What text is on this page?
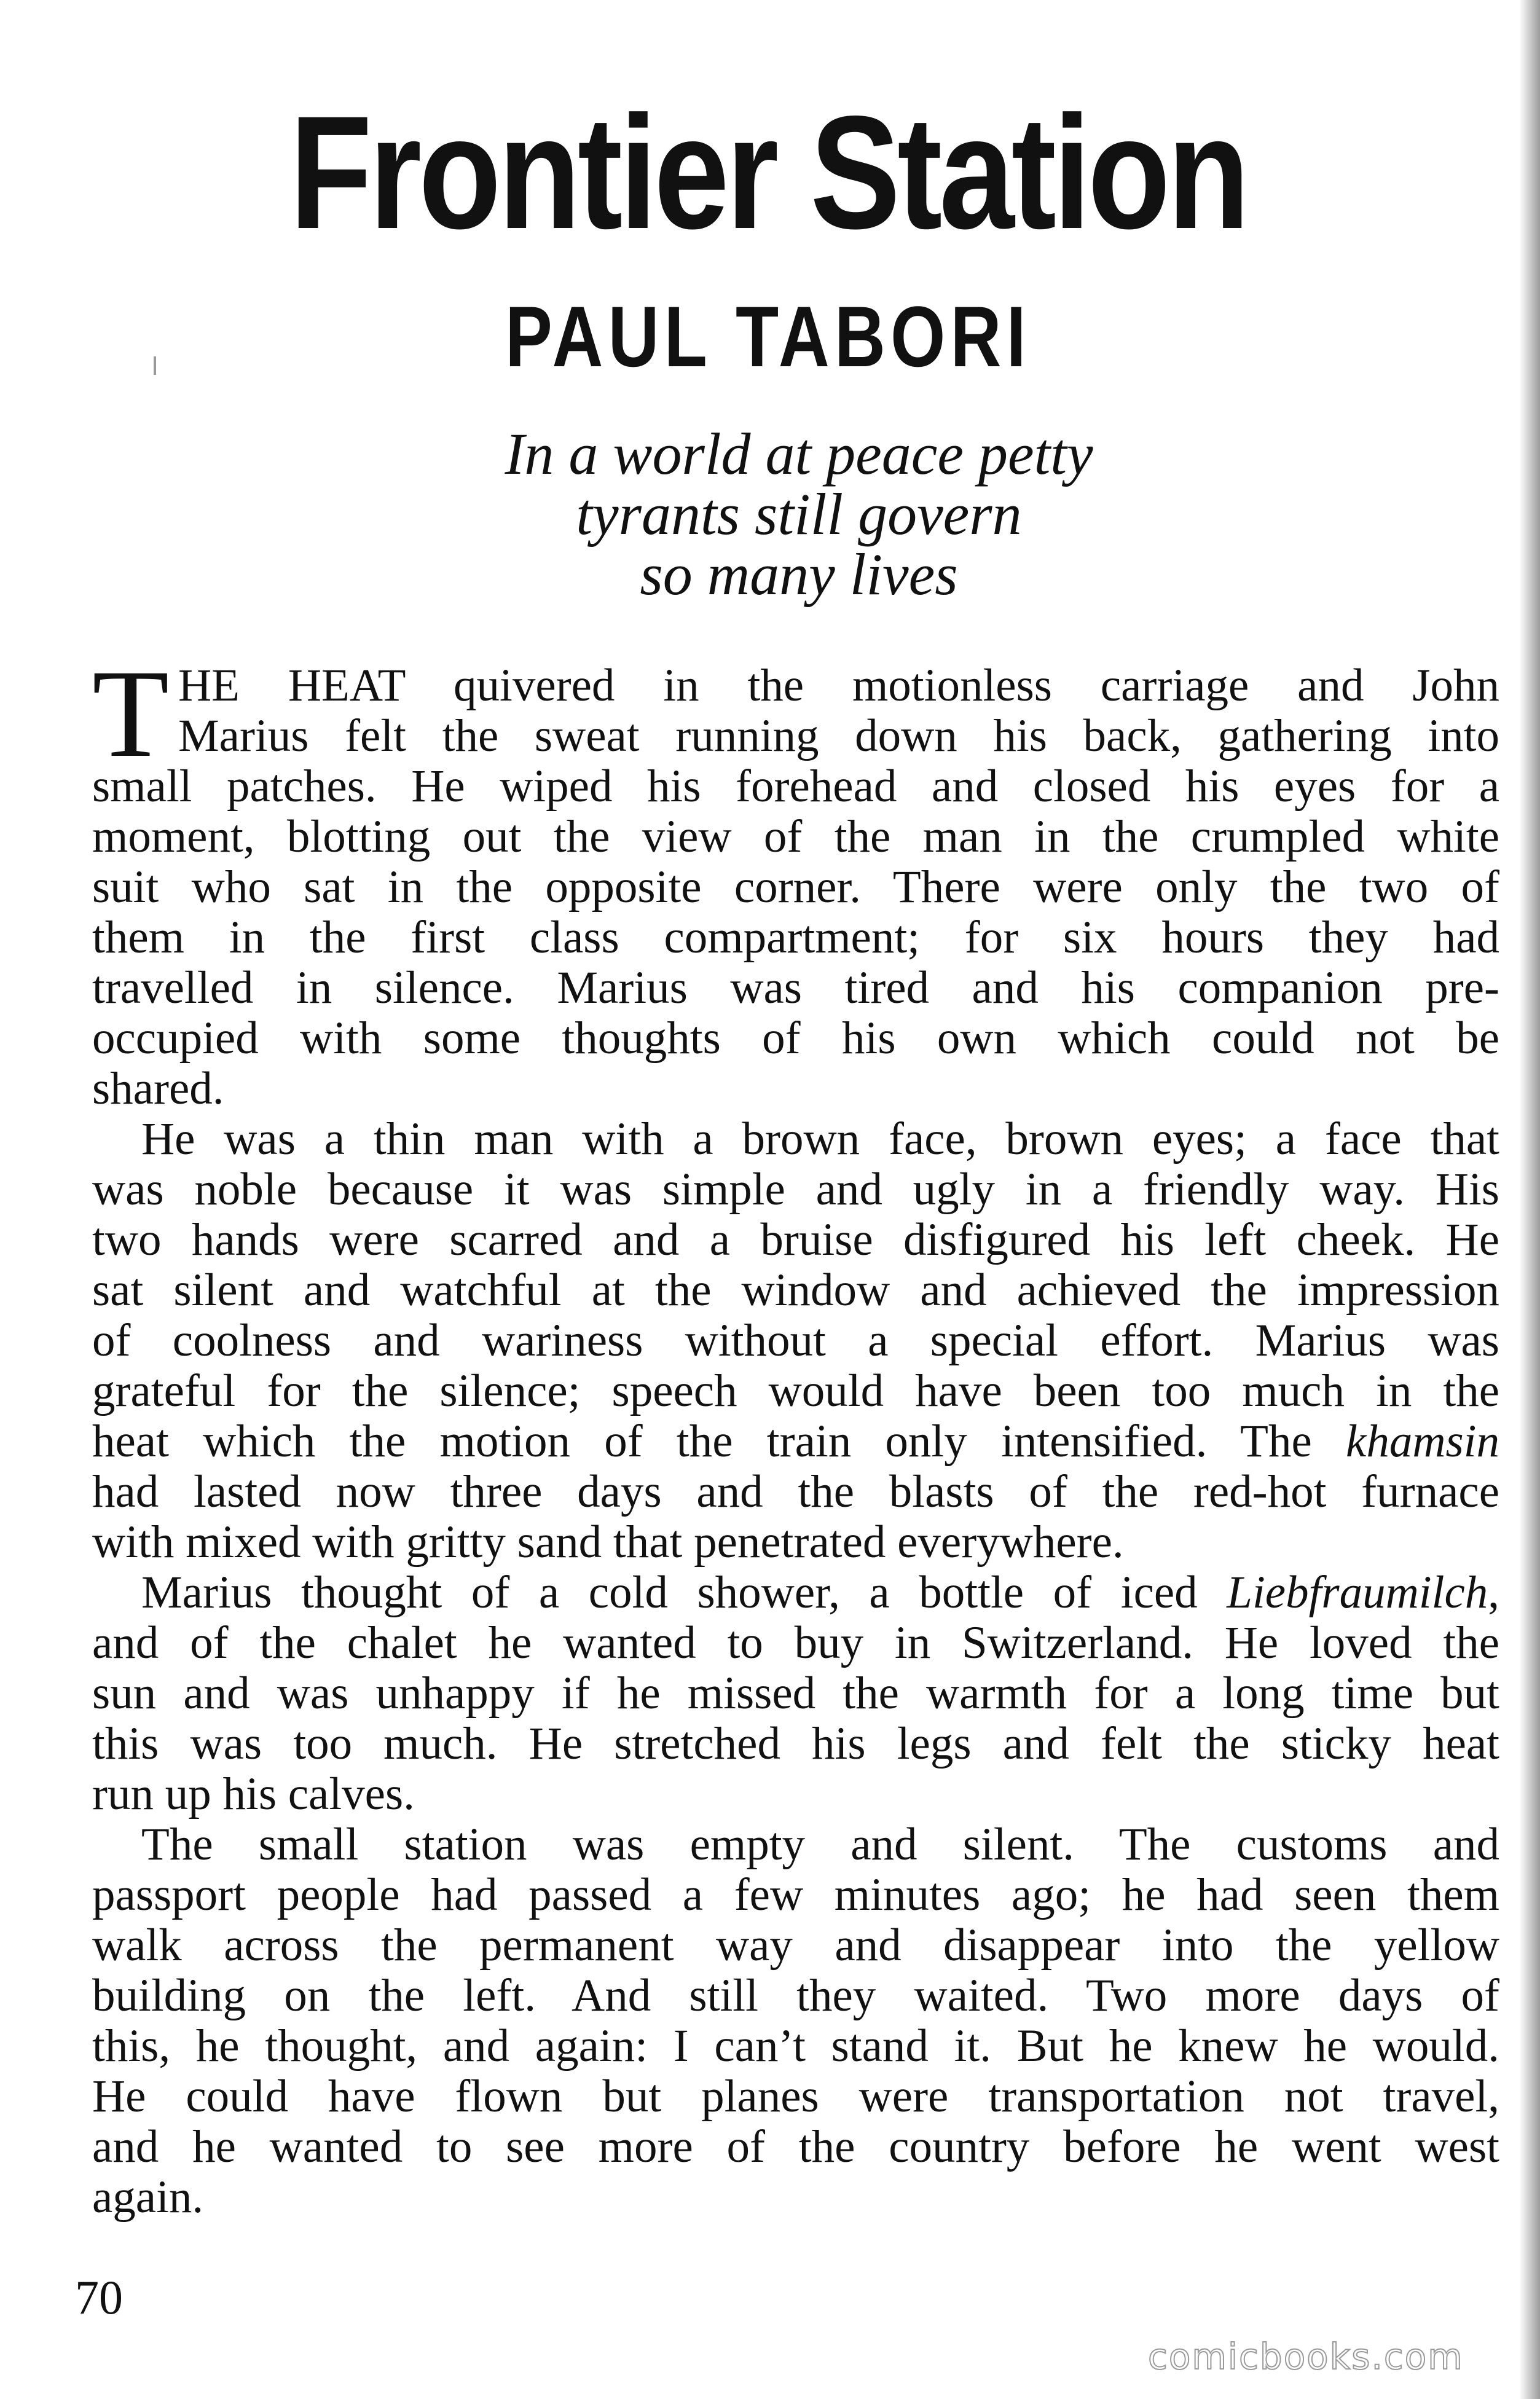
Frontier Station
PAUL TABORI
In a world at peace petty
tyrants still govern
so many lives
T HE HEAT quivered in the motionless carriage and John
Marius felt the sweat running down his back, gathering into
small patches. He wiped his forehead and closed his eyes for a
moment, blotting out the view of the man in the crumpled white
suit who sat in the opposite corner. There were only the two of
them in the first class compartment; for six hours they had
travelled in silence. Marius was tired and his companion pre-
occupied with some thoughts of his own which could not be
shared.
He was a thin man with a brown face, brown eyes; a face that
was noble because it was simple and ugly in a friendly way. His
two hands were scarred and a bruise disfigured his left cheek. He
sat silent and watchful at the window and achieved the impression
of coolness and wariness without a special effort. Marius was
grateful for the silence; speech would have been too much in the
heat which the motion of the train only intensified. The khamsin
had lasted now three days and the blasts of the red-hot furnace
with mixed with gritty sand that penetrated everywhere.
Marius thought of a cold shower, a bottle of iced Liebfraumilch,
and of the chalet he wanted to buy in Switzerland. He loved the
sun and was unhappy if he missed the warmth for a long time but
this was too much. He stretched his legs and felt the sticky heat
run up his calves.
The small station was empty and silent. The customs and
passport people had passed a few minutes ago; he had seen them
walk across the permanent way and disappear into the yellow
building on the left. And still they waited. Two more days of
this, he thought, and again: I can’t stand it. But he knew he would.
He could have flown but planes were transportation not travel,
and he wanted to see more of the country before he went west
again.
70
comicbooks.com
